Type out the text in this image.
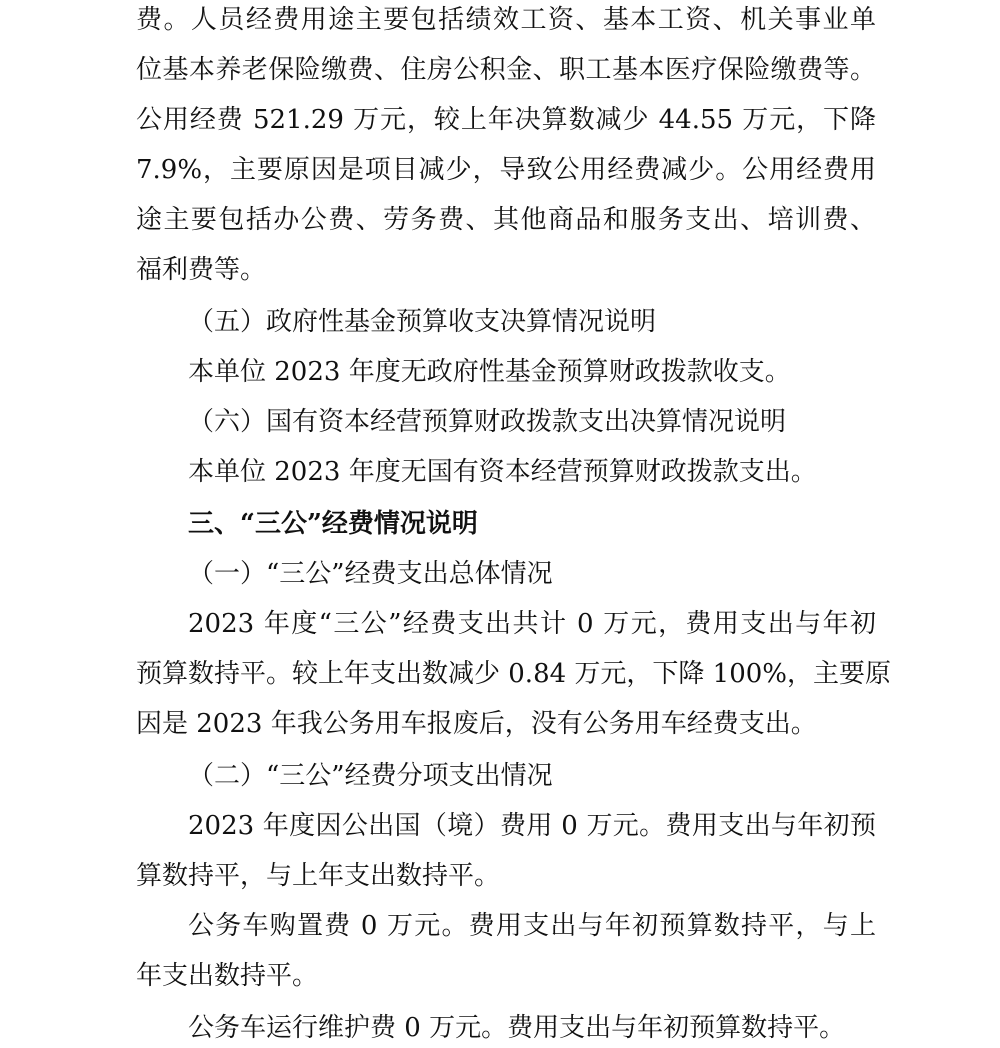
费。人员经费用途主要包括绩效工资、基本工资、机关事业单
位基本养老保险缴费、住房公积金、职工基本医疗保险缴费等。
公用经费 521.29 万元，较上年决算数减少 44.55 万元，下降
7.9%，主要原因是项目减少，导致公用经费减少。公用经费用
途主要包括办公费、劳务费、其他商品和服务支出、培训费、
福利费等。
（五）政府性基金预算收支决算情况说明
本单位 2023 年度无政府性基金预算财政拨款收支。
（六）国有资本经营预算财政拨款支出决算情况说明
本单位 2023 年度无国有资本经营预算财政拨款支出。
三、“三公”经费情况说明
（一）“三公”经费支出总体情况
2023 年度“三公”经费支出共计 0 万元，费用支出与年初
预算数持平。较上年支出数减少 0.84 万元，下降 100%，主要原
因是 2023 年我公务用车报废后，没有公务用车经费支出。
（二）“三公”经费分项支出情况
2023 年度因公出国（境）费用 0 万元。费用支出与年初预
算数持平，与上年支出数持平。
公务车购置费 0 万元。费用支出与年初预算数持平，与上
年支出数持平。
公务车运行维护费 0 万元。费用支出与年初预算数持平。
